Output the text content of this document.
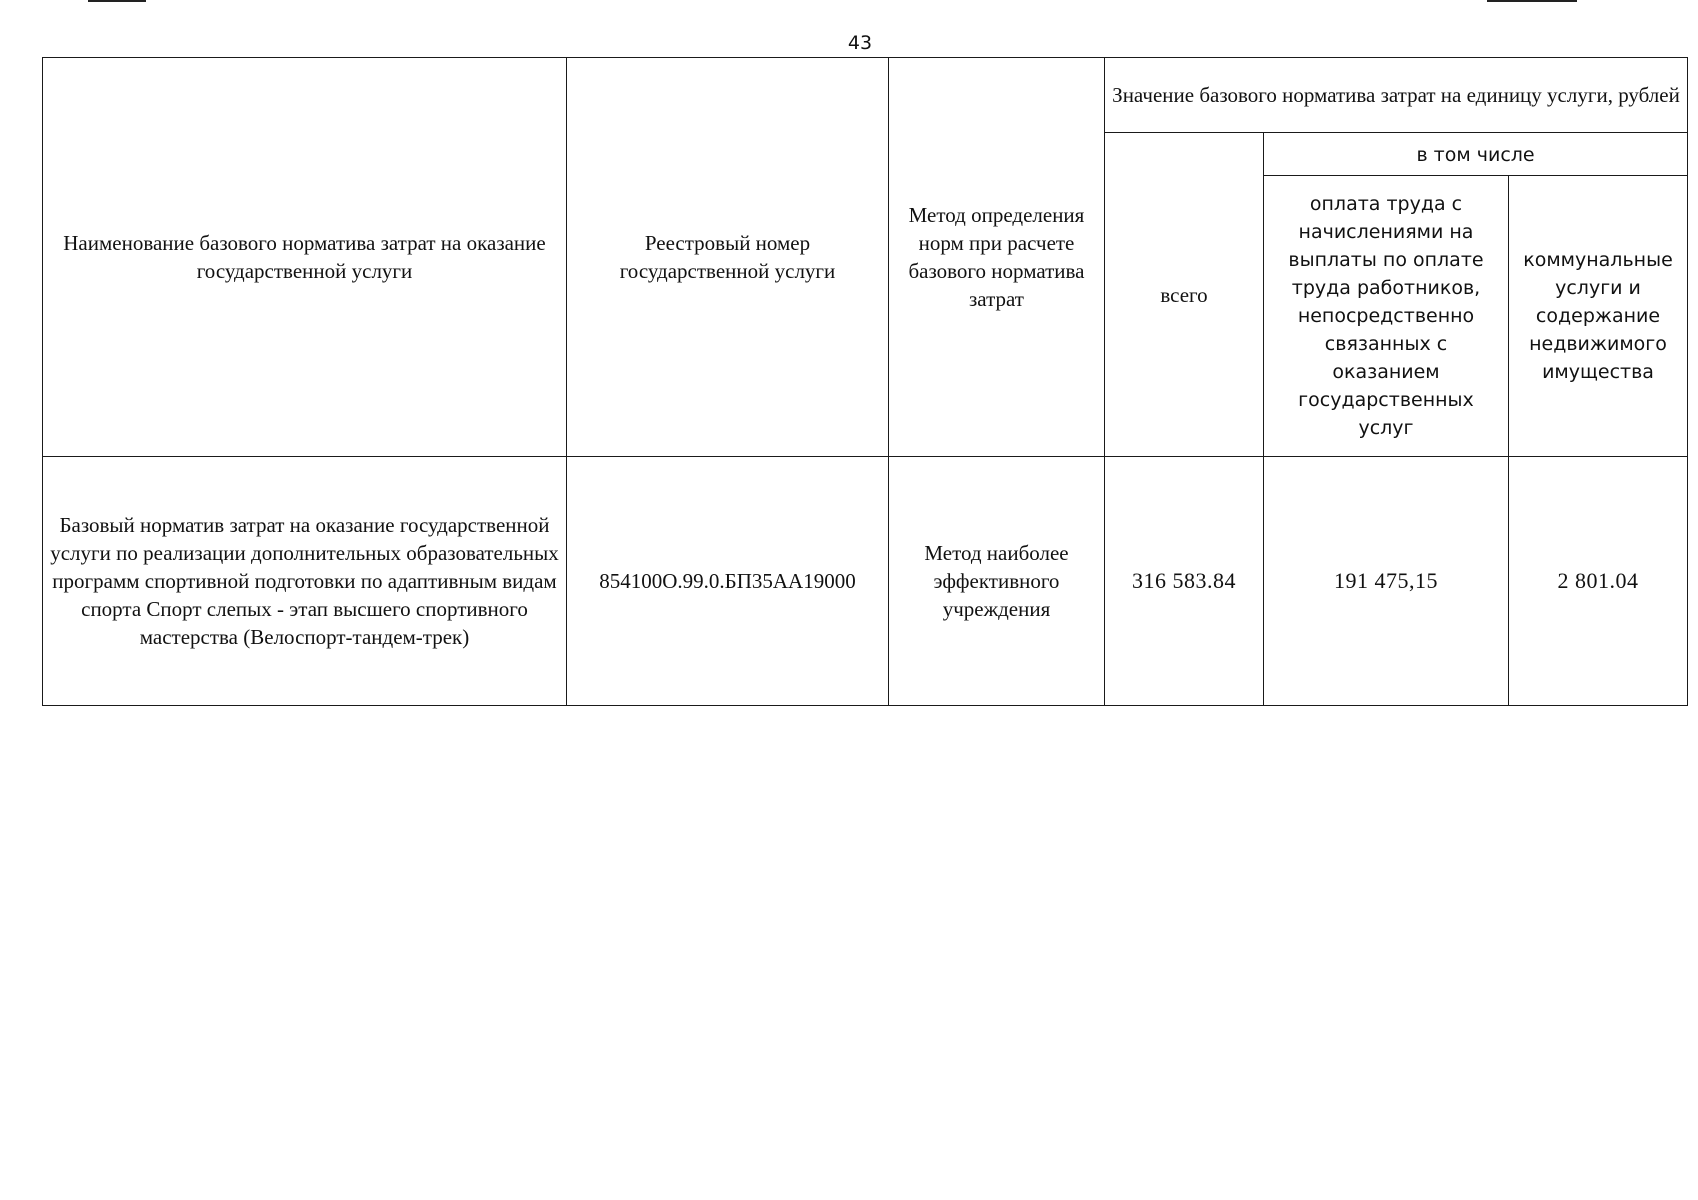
43
Наименование базового норматива затрат на оказание государственной услуги	Реестровый номер государственной услуги	Метод определения норм при расчете базового норматива затрат	Значение базового норматива затрат на единицу услуги, рублей		
			всего	в том числе	
				оплата труда с начислениями на выплаты по оплате труда работников, непосредственно связанных с оказанием государственных услуг	коммунальные услуги и содержание недвижимого имущества
Базовый норматив затрат на оказание государственной услуги по реализации дополнительных образовательных программ спортивной подготовки по адаптивным видам спорта Спорт слепых - этап высшего спортивного мастерства (Велоспорт-тандем-трек)	854100О.99.0.БП35АА19000	Метод наиболее эффективного учреждения	316 583.84	191 475,15	2 801.04
